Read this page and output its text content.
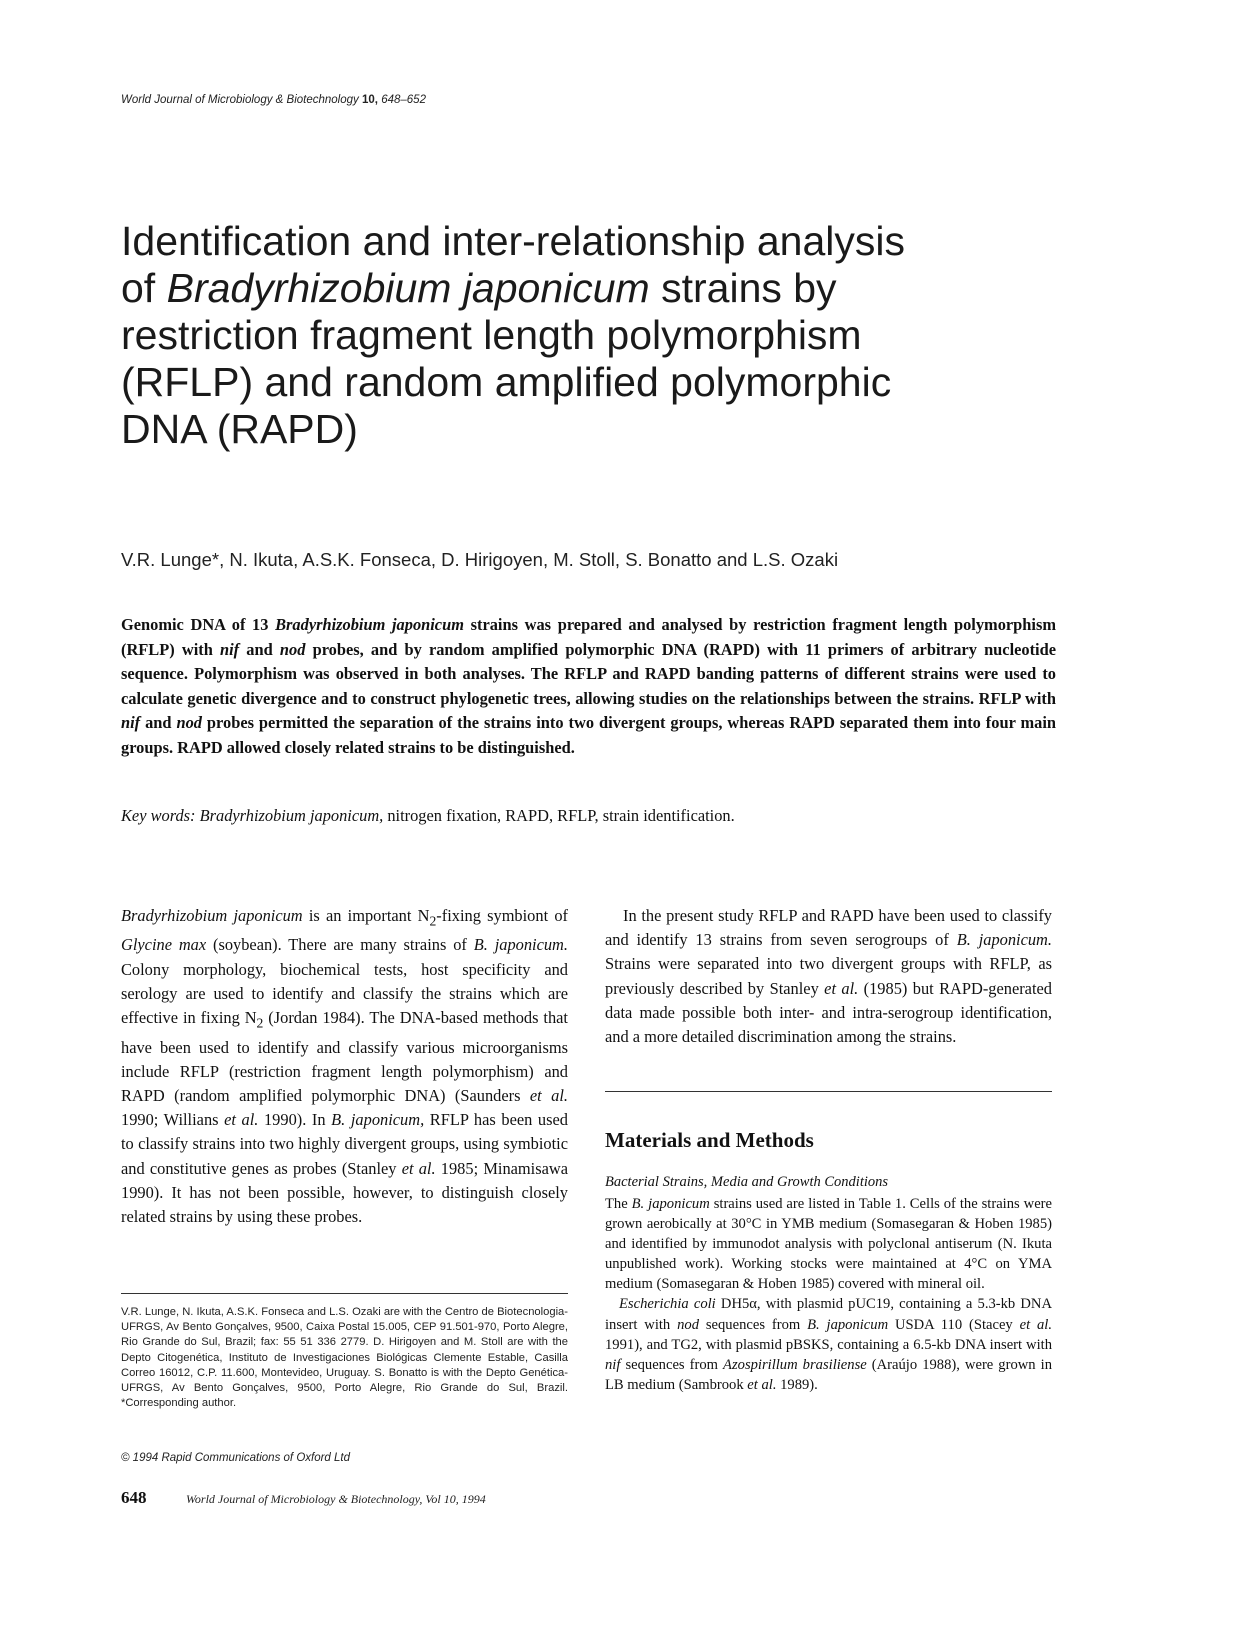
World Journal of Microbiology & Biotechnology 10, 648–652
Identification and inter-relationship analysis
of Bradyrhizobium japonicum strains by
restriction fragment length polymorphism
(RFLP) and random amplified polymorphic
DNA (RAPD)
V.R. Lunge*, N. Ikuta, A.S.K. Fonseca, D. Hirigoyen, M. Stoll, S. Bonatto and L.S. Ozaki
Genomic DNA of 13 Bradyrhizobium japonicum strains was prepared and analysed by restriction fragment length polymorphism (RFLP) with nif and nod probes, and by random amplified polymorphic DNA (RAPD) with 11 primers of arbitrary nucleotide sequence. Polymorphism was observed in both analyses. The RFLP and RAPD banding patterns of different strains were used to calculate genetic divergence and to construct phylogenetic trees, allowing studies on the relationships between the strains. RFLP with nif and nod probes permitted the separation of the strains into two divergent groups, whereas RAPD separated them into four main groups. RAPD allowed closely related strains to be distinguished.
Key words: Bradyrhizobium japonicum, nitrogen fixation, RAPD, RFLP, strain identification.
Bradyrhizobium japonicum is an important $N_2$-fixing symbiont of Glycine max (soybean). There are many strains of B. japonicum. Colony morphology, biochemical tests, host specificity and serology are used to identify and classify the strains which are effective in fixing $N_2$ (Jordan 1984). The DNA-based methods that have been used to identify and classify various microorganisms include RFLP (restriction fragment length polymorphism) and RAPD (random amplified polymorphic DNA) (Saunders et al. 1990; Willians et al. 1990). In B. japonicum, RFLP has been used to classify strains into two highly divergent groups, using symbiotic and constitutive genes as probes (Stanley et al. 1985; Minamisawa 1990). It has not been possible, however, to distinguish closely related strains by using these probes.
V.R. Lunge, N. Ikuta, A.S.K. Fonseca and L.S. Ozaki are with the Centro de Biotecnologia-UFRGS, Av Bento Gonçalves, 9500, Caixa Postal 15.005, CEP 91.501-970, Porto Alegre, Rio Grande do Sul, Brazil; fax: 55 51 336 2779. D. Hirigoyen and M. Stoll are with the Depto Citogenética, Instituto de Investigaciones Biológicas Clemente Estable, Casilla Correo 16012, C.P. 11.600, Montevideo, Uruguay. S. Bonatto is with the Depto Genética-UFRGS, Av Bento Gonçalves, 9500, Porto Alegre, Rio Grande do Sul, Brazil. *Corresponding author.
© 1994 Rapid Communications of Oxford Ltd
648	World Journal of Microbiology & Biotechnology, Vol 10, 1994
In the present study RFLP and RAPD have been used to classify and identify 13 strains from seven serogroups of B. japonicum. Strains were separated into two divergent groups with RFLP, as previously described by Stanley et al. (1985) but RAPD-generated data made possible both inter- and intra-serogroup identification, and a more detailed discrimination among the strains.
Materials and Methods
Bacterial Strains, Media and Growth Conditions

The B. japonicum strains used are listed in Table 1. Cells of the strains were grown aerobically at 30°C in YMB medium (Somasegaran & Hoben 1985) and identified by immunodot analysis with polyclonal antiserum (N. Ikuta unpublished work). Working stocks were maintained at 4°C on YMA medium (Somasegaran & Hoben 1985) covered with mineral oil.

Escherichia coli DH5α, with plasmid pUC19, containing a 5.3-kb DNA insert with nod sequences from B. japonicum USDA 110 (Stacey et al. 1991), and TG2, with plasmid pBSKS, containing a 6.5-kb DNA insert with nif sequences from Azospirillum brasiliense (Araújo 1988), were grown in LB medium (Sambrook et al. 1989).
